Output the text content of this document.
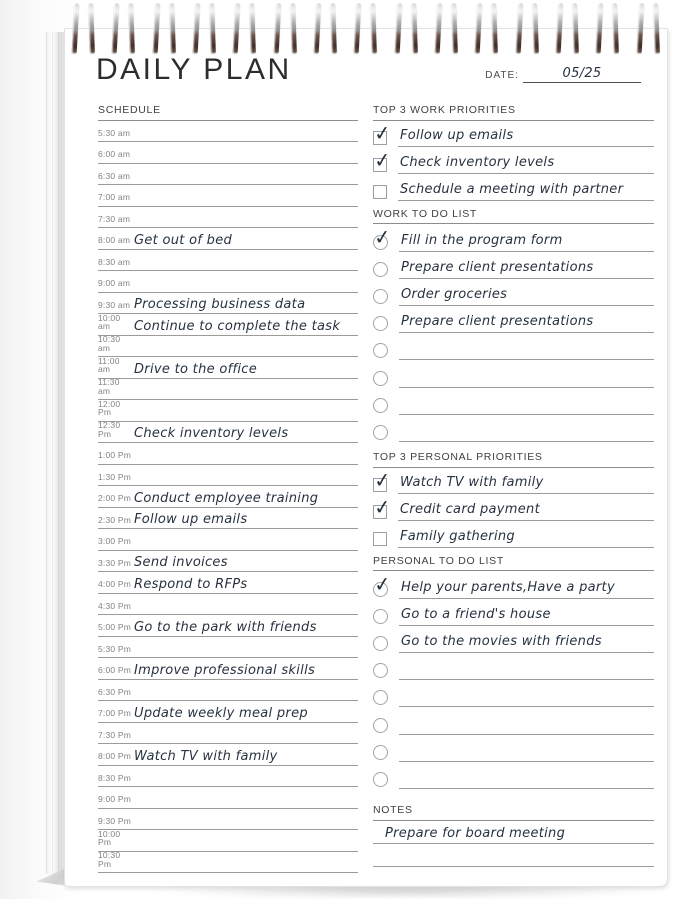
DAILY PLAN	DATE:	05/25
SCHEDULE
5:30 am
6:00 am
6:30 am
7:00 am
7:30 am
8:00 am Get out of bed
8:30 am
9:00 am
9:30 am Processing business data
10:00 am	Continue to complete the task
10:30 am
11:00 am	Drive to the office
11:30 am
12:00 Pm
12:30 Pm	Check inventory levels
1:00 Pm
1:30 Pm
2:00 Pm Conduct employee training
2:30 Pm Follow up emails
3:00 Pm
3:30 Pm Send invoices
4:00 Pm Respond to RFPs
4:30 Pm
5:00 Pm Go to the park with friends
5:30 Pm
6:00 Pm Improve professional skills
6:30 Pm
7:00 Pm Update weekly meal prep
7:30 Pm
8:00 Pm Watch TV with family
8:30 Pm
9:00 Pm
9:30 Pm
10:00 Pm
10:30 Pm
TOP 3 WORK PRIORITIES
✓ Follow up emails
✓ Check inventory levels
Schedule a meeting with partner
WORK TO DO LIST
✓ Fill in the program form
Prepare client presentations
Order groceries
Prepare client presentations
TOP 3 PERSONAL PRIORITIES
✓ Watch TV with family
✓ Credit card payment
Family gathering
PERSONAL TO DO LIST
✓ Help your parents,Have a party
Go to a friend's house
Go to the movies with friends
NOTES
Prepare for board meeting
